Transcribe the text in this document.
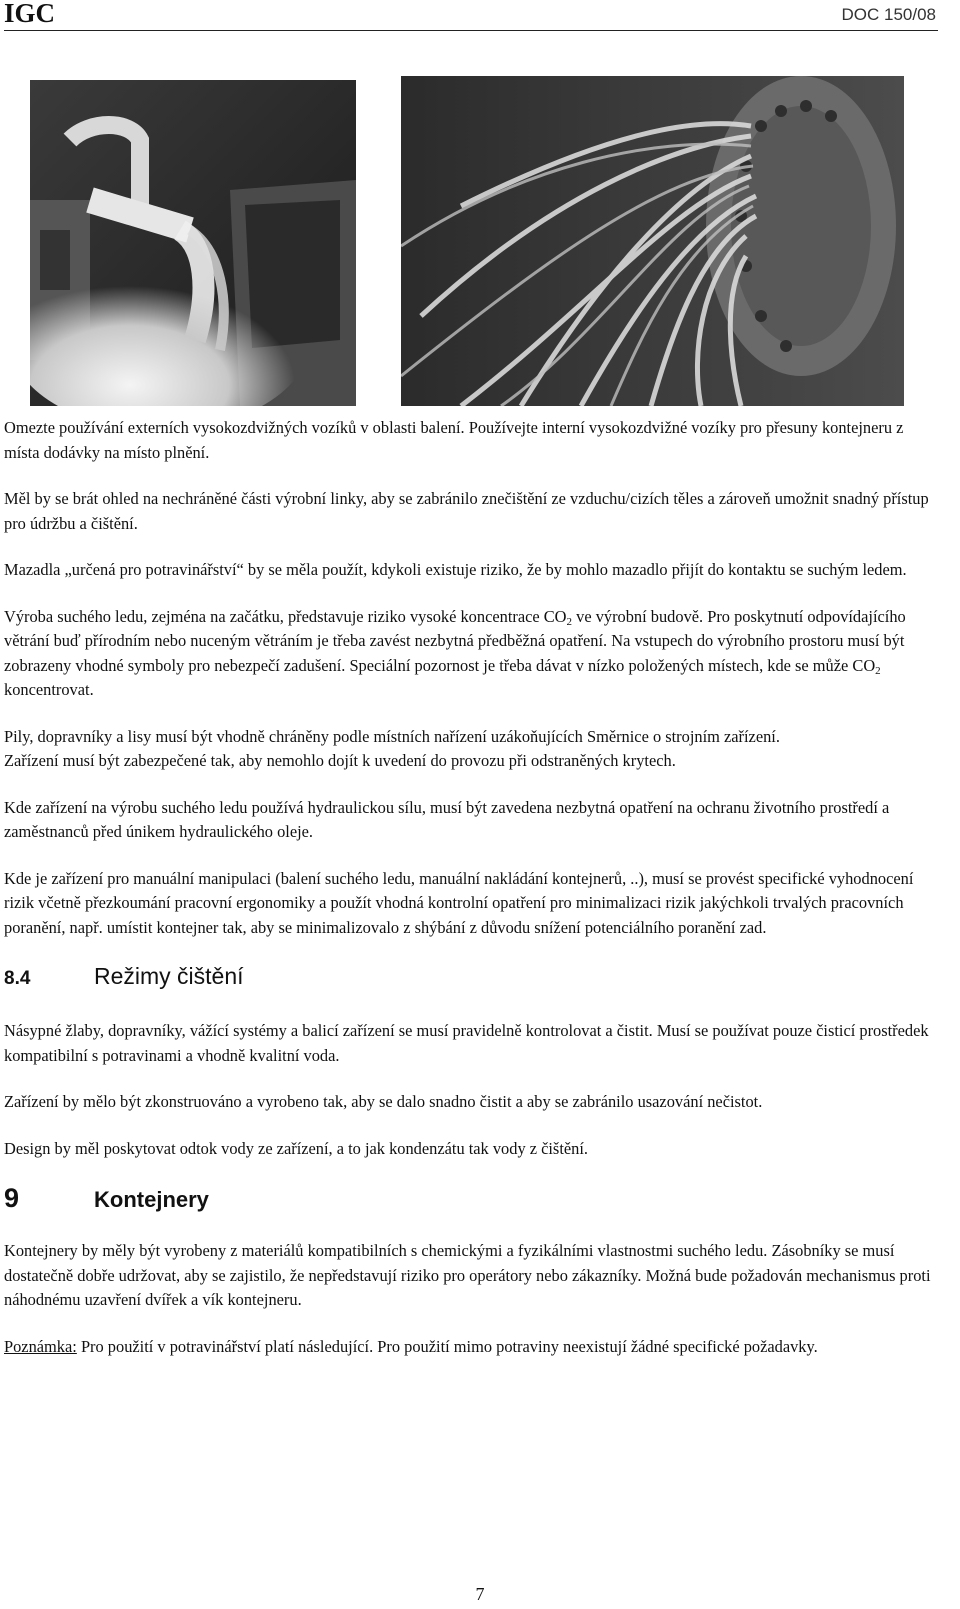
IGC	DOC 150/08

Omezte používání externích vysokozdvižných vozíků v oblasti balení. Používejte interní vysokozdvižné vozíky pro přesuny kontejneru z místa dodávky na místo plnění.

Měl by se brát ohled na nechráněné části výrobní linky, aby se zabránilo znečištění ze vzduchu/cizích těles a zároveň umožnit snadný přístup pro údržbu a čištění.

Mazadla „určená pro potravinářství“ by se měla použít, kdykoli existuje riziko, že by mohlo mazadlo přijít do kontaktu se suchým ledem.

Výroba suchého ledu, zejména na začátku, představuje riziko vysoké koncentrace $CO_2$ ve výrobní budově. Pro poskytnutí odpovídajícího větrání buď přírodním nebo nuceným větráním je třeba zavést nezbytná předběžná opatření. Na vstupech do výrobního prostoru musí být zobrazeny vhodné symboly pro nebezpečí zadušení. Speciální pozornost je třeba dávat v nízko položených místech, kde se může $CO_2$ koncentrovat.

Pily, dopravníky a lisy musí být vhodně chráněny podle místních nařízení uzákoňujících Směrnice o strojním zařízení.

Zařízení musí být zabezpečené tak, aby nemohlo dojít k uvedení do provozu při odstraněných krytech.

Kde zařízení na výrobu suchého ledu používá hydraulickou sílu, musí být zavedena nezbytná opatření na ochranu životního prostředí a zaměstnanců před únikem hydraulického oleje.

Kde je zařízení pro manuální manipulaci (balení suchého ledu, manuální nakládání kontejnerů, ..), musí se provést specifické vyhodnocení rizik včetně přezkoumání pracovní ergonomiky a použít vhodná kontrolní opatření pro minimalizaci rizik jakýchkoli trvalých pracovních poranění, např. umístit kontejner tak, aby se minimalizovalo z shýbání z důvodu snížení potenciálního poranění zad.

8.4	Režimy čištění

Násypné žlaby, dopravníky, vážící systémy a balicí zařízení se musí pravidelně kontrolovat a čistit. Musí se používat pouze čisticí prostředek kompatibilní s potravinami a vhodně kvalitní voda.

Zařízení by mělo být zkonstruováno a vyrobeno tak, aby se dalo snadno čistit a aby se zabránilo usazování nečistot.

Design by měl poskytovat odtok vody ze zařízení, a to jak kondenzátu tak vody z čištění.

9	Kontejnery

Kontejnery by měly být vyrobeny z materiálů kompatibilních s chemickými a fyzikálními vlastnostmi suchého ledu. Zásobníky se musí dostatečně dobře udržovat, aby se zajistilo, že nepředstavují riziko pro operátory nebo zákazníky. Možná bude požadován mechanismus proti náhodnému uzavření dvířek a vík kontejneru.

Poznámka: Pro použití v potravinářství platí následující. Pro použití mimo potraviny neexistují žádné specifické požadavky.

7
